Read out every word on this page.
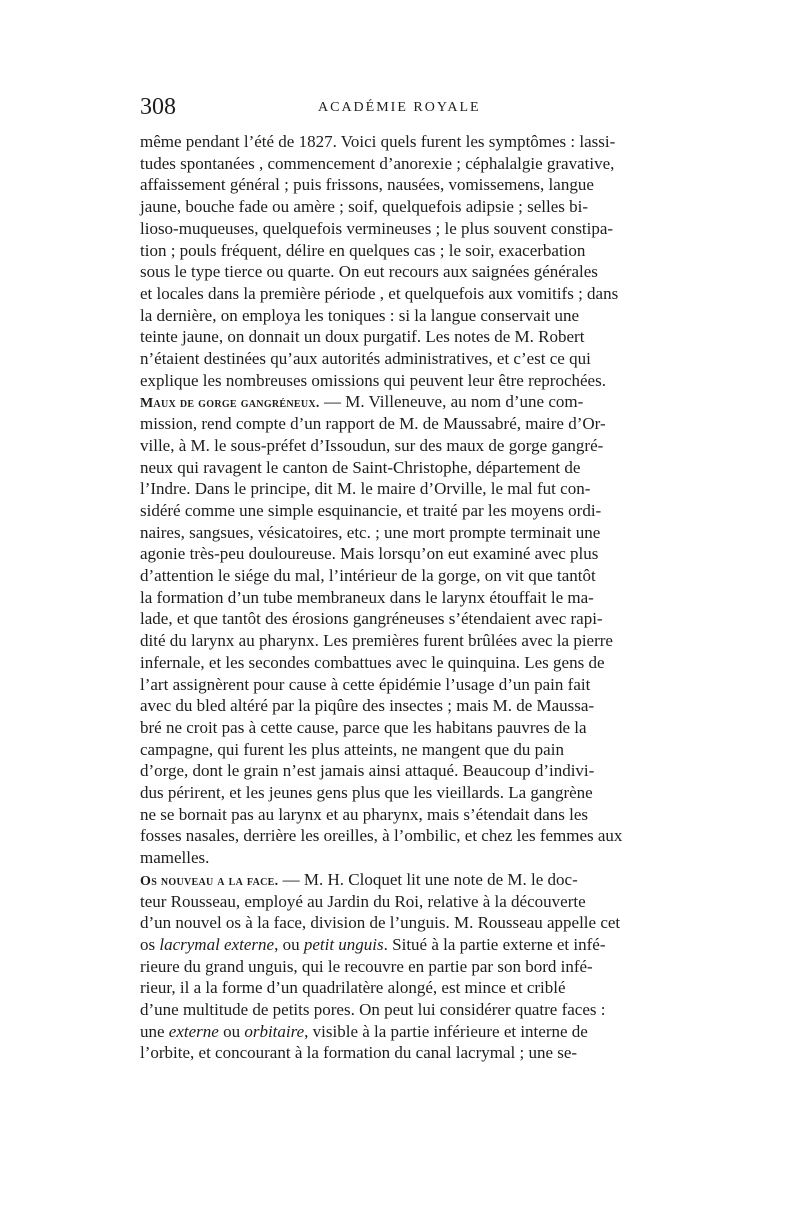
308	ACADÉMIE ROYALE
même pendant l’été de 1827. Voici quels furent les symptômes : lassi-
tudes spontanées , commencement d’anorexie ; céphalalgie gravative,
affaissement général ; puis frissons, nausées, vomissemens, langue
jaune, bouche fade ou amère ; soif, quelquefois adipsie ; selles bi-
lioso-muqueuses, quelquefois vermineuses ; le plus souvent constipa-
tion ; pouls fréquent, délire en quelques cas ; le soir, exacerbation
sous le type tierce ou quarte. On eut recours aux saignées générales
et locales dans la première période , et quelquefois aux vomitifs ; dans
la dernière, on employa les toniques : si la langue conservait une
teinte jaune, on donnait un doux purgatif. Les notes de M. Robert
n’étaient destinées qu’aux autorités administratives, et c’est ce qui
explique les nombreuses omissions qui peuvent leur être reprochées.
Maux de gorge gangréneux. — M. Villeneuve, au nom d’une com-
mission, rend compte d’un rapport de M. de Maussabré, maire d’Or-
ville, à M. le sous-préfet d’Issoudun, sur des maux de gorge gangré-
neux qui ravagent le canton de Saint-Christophe, département de
l’Indre. Dans le principe, dit M. le maire d’Orville, le mal fut con-
sidéré comme une simple esquinancie, et traité par les moyens ordi-
naires, sangsues, vésicatoires, etc. ; une mort prompte terminait une
agonie très-peu douloureuse. Mais lorsqu’on eut examiné avec plus
d’attention le siége du mal, l’intérieur de la gorge, on vit que tantôt
la formation d’un tube membraneux dans le larynx étouffait le ma-
lade, et que tantôt des érosions gangréneuses s’étendaient avec rapi-
dité du larynx au pharynx. Les premières furent brûlées avec la pierre
infernale, et les secondes combattues avec le quinquina. Les gens de
l’art assignèrent pour cause à cette épidémie l’usage d’un pain fait
avec du bled altéré par la piqûre des insectes ; mais M. de Maussa-
bré ne croit pas à cette cause, parce que les habitans pauvres de la
campagne, qui furent les plus atteints, ne mangent que du pain
d’orge, dont le grain n’est jamais ainsi attaqué. Beaucoup d’indivi-
dus périrent, et les jeunes gens plus que les vieillards. La gangrène
ne se bornait pas au larynx et au pharynx, mais s’étendait dans les
fosses nasales, derrière les oreilles, à l’ombilic, et chez les femmes aux
mamelles.
Os nouveau a la face. — M. H. Cloquet lit une note de M. le doc-
teur Rousseau, employé au Jardin du Roi, relative à la découverte
d’un nouvel os à la face, division de l’unguis. M. Rousseau appelle cet
os lacrymal externe, ou petit unguis. Situé à la partie externe et infé-
rieure du grand unguis, qui le recouvre en partie par son bord infé-
rieur, il a la forme d’un quadrilatère alongé, est mince et criblé
d’une multitude de petits pores. On peut lui considérer quatre faces :
une externe ou orbitaire, visible à la partie inférieure et interne de
l’orbite, et concourant à la formation du canal lacrymal ; une se-
